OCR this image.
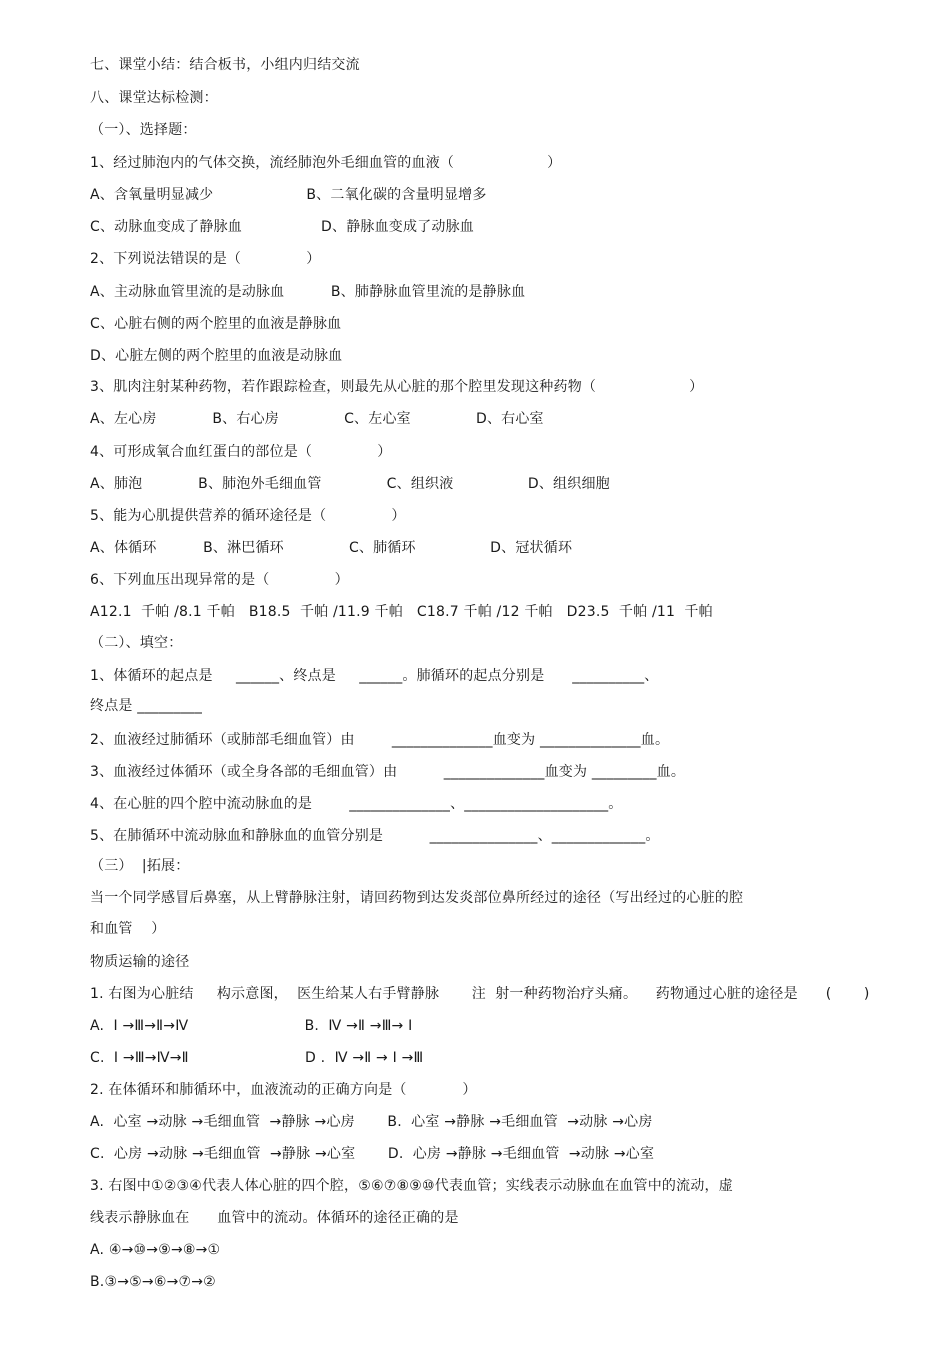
七、课堂小结：结合板书，小组内归结交流
八、课堂达标检测：
（一）、选择题：
1、经过肺泡内的气体交换，流经肺泡外毛细血管的血液（                    ）
A、含氧量明显减少                    B、二氧化碳的含量明显增多
C、动脉血变成了静脉血                 D、静脉血变成了动脉血
2、下列说法错误的是（              ）
A、主动脉血管里流的是动脉血          B、肺静脉血管里流的是静脉血
C、心脏右侧的两个腔里的血液是静脉血
D、心脏左侧的两个腔里的血液是动脉血
3、肌肉注射某种药物，若作跟踪检查，则最先从心脏的那个腔里发现这种药物（                    ）
A、左心房            B、右心房              C、左心室              D、右心室
4、可形成氧合血红蛋白的部位是（              ）
A、肺泡            B、肺泡外毛细血管              C、组织液                D、组织细胞
5、能为心肌提供营养的循环途径是（              ）
A、体循环          B、淋巴循环              C、肺循环                D、冠状循环
6、下列血压出现异常的是（              ）
A12.1  千帕 /8.1 千帕   B18.5  千帕 /11.9 千帕   C18.7 千帕 /12 千帕   D23.5  千帕 /11  千帕
（二）、填空：
1、体循环的起点是     ______、终点是     ______。肺循环的起点分别是      __________、
终点是 _________
2、血液经过肺循环（或肺部毛细血管）由        ______________血变为 ______________血。
3、血液经过体循环（或全身各部的毛细血管）由          ______________血变为 _________血。
4、在心脏的四个腔中流动脉血的是        ______________、____________________。
5、在肺循环中流动脉血和静脉血的血管分别是          _______________、_____________。
（三）  |拓展：
当一个同学感冒后鼻塞，从上臂静脉注射，请回药物到达发炎部位鼻所经过的途径（写出经过的心脏的腔
和血管    ）
物质运输的途径
1. 右图为心脏结     构示意图，  医生给某人右手臂静脉       注  射一种药物治疗头痛。    药物通过心脏的途径是      (       )
A.  Ⅰ →Ⅲ→Ⅱ→Ⅳ                         B.  Ⅳ →Ⅱ →Ⅲ→ Ⅰ
C.  Ⅰ →Ⅲ→Ⅳ→Ⅱ                         D .  Ⅳ →Ⅱ → Ⅰ →Ⅲ
2. 在体循环和肺循环中，血液流动的正确方向是（            ）
A.  心室 →动脉 →毛细血管  →静脉 →心房       B.  心室 →静脉 →毛细血管  →动脉 →心房
C.  心房 →动脉 →毛细血管  →静脉 →心室       D.  心房 →静脉 →毛细血管  →动脉 →心室
3. 右图中①②③④代表人体心脏的四个腔，⑤⑥⑦⑧⑨⑩代表血管；实线表示动脉血在血管中的流动，虚
线表示静脉血在      血管中的流动。体循环的途径正确的是
A. ④→⑩→⑨→⑧→①
B.③→⑤→⑥→⑦→②
